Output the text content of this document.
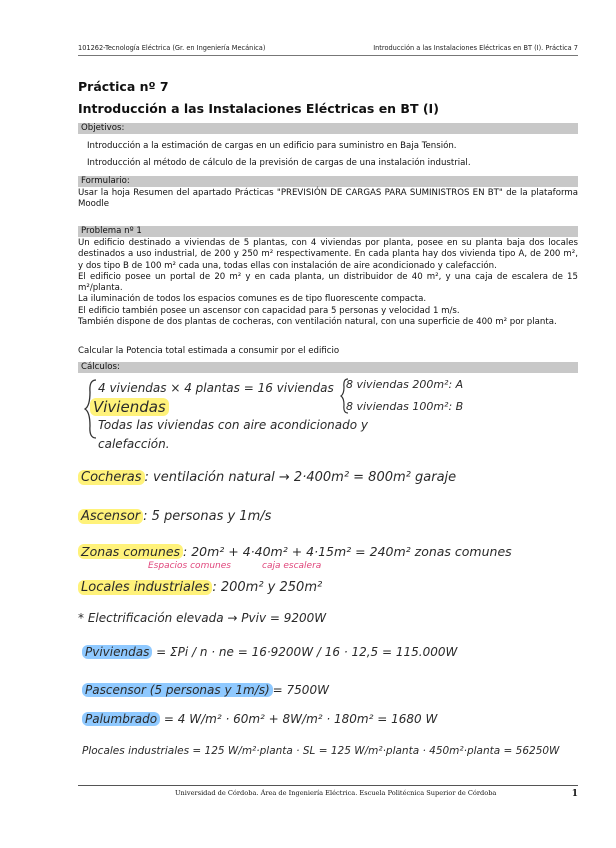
101262-Tecnología Eléctrica (Gr. en Ingeniería Mecánica)	Introducción a las Instalaciones Eléctricas en BT (I). Práctica 7
Práctica nº 7
Introducción a las Instalaciones Eléctricas en BT (I)
Objetivos:
Introducción a la estimación de cargas en un edificio para suministro en Baja Tensión.
Introducción al método de cálculo de la previsión de cargas de una instalación industrial.
Formulario:
Usar la hoja Resumen del apartado Prácticas "PREVISIÓN DE CARGAS PARA SUMINISTROS EN BT" de la plataforma Moodle
Problema nº 1
Un edificio destinado a viviendas de 5 plantas, con 4 viviendas por planta, posee en su planta baja dos locales destinados a uso industrial, de 200 y 250 m² respectivamente. En cada planta hay dos vivienda tipo A, de 200 m², y dos tipo B de 100 m² cada una, todas ellas con instalación de aire acondicionado y calefacción.
El edificio posee un portal de 20 m² y en cada planta, un distribuidor de 40 m², y una caja de escalera de 15 m²/planta.
La iluminación de todos los espacios comunes es de tipo fluorescente compacta.
El edificio también posee un ascensor con capacidad para 5 personas y velocidad 1 m/s.
También dispone de dos plantas de cocheras, con ventilación natural, con una superficie de 400 m² por planta.
Calcular la Potencia total estimada a consumir por el edificio
Cálculos:
Viviendas
4 viviendas × 4 plantas = 16 viviendas 8 viviendas 200m²: A
8 viviendas 100m²: B
Todas las viviendas con aire acondicionado y
calefacción.
Cocheras : ventilación natural → 2·400m² = 800m² garaje
Ascensor : 5 personas y 1m/s
Zonas comunes : 20m² + 4·40m² + 4·15m² = 240m² zonas comunes
Espacios comunes	caja escalera
Locales industriales : 200m² y 250m²
* Electrificación elevada → Pviv = 9200W
Pviviendas = ΣPi / n · ne = 16·9200W / 16 · 12,5 = 115.000W
Pascensor (5 personas y 1m/s) = 7500W
Palumbrado = 4 W/m² · 60m² + 8W/m² · 180m² = 1680 W
Plocales industriales = 125 W/m²·planta · SL = 125 W/m²·planta · 450m²·planta = 56250W
Universidad de Córdoba. Área de Ingeniería Eléctrica. Escuela Politécnica Superior de Córdoba	1
